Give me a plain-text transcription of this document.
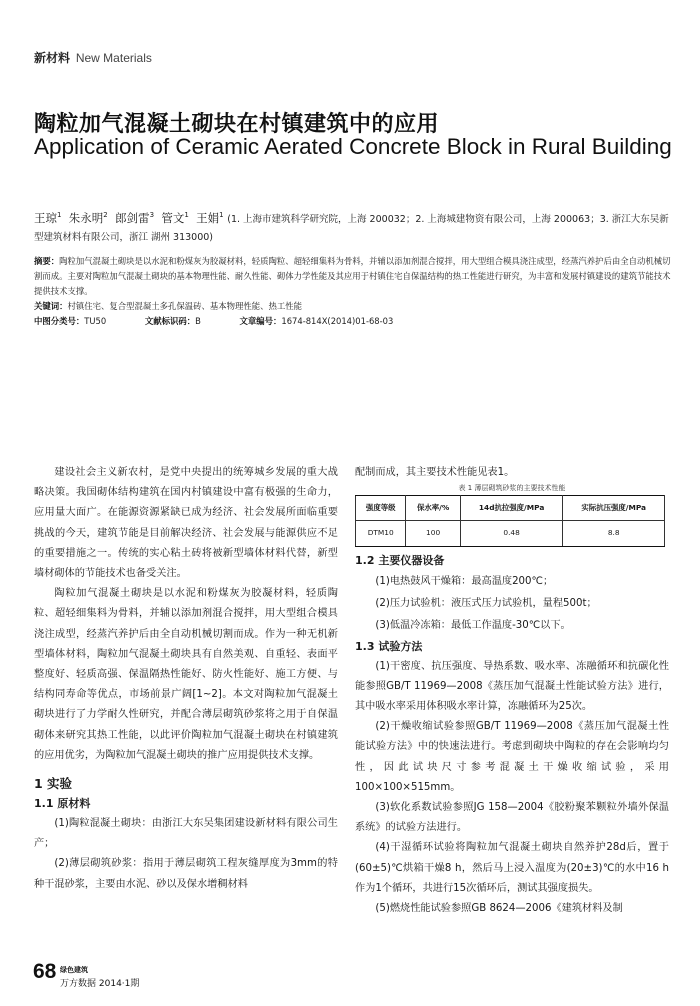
新材料 New Materials
陶粒加气混凝土砌块在村镇建筑中的应用
Application of Ceramic Aerated Concrete Block in Rural Building
王琼$^1$ 朱永明$^2$ 郎剑雷$^3$ 管文$^1$ 王娟$^1$ (1. 上海市建筑科学研究院，上海 200032；2. 上海城建物资有限公司，上海 200063；3. 浙江大东吴新型建筑材料有限公司，浙江 湖州 313000)
摘要：陶粒加气混凝土砌块是以水泥和粉煤灰为胶凝材料，轻质陶粒、超轻细集料为骨料，并辅以添加剂混合搅拌，用大型组合模具浇注成型，经蒸汽养护后由全自动机械切割而成。主要对陶粒加气混凝土砌块的基本物理性能、耐久性能、砌体力学性能及其应用于村镇住宅自保温结构的热工性能进行研究，为丰富和发展村镇建设的建筑节能技术提供技术支撑。
关键词：村镇住宅、复合型混凝土多孔保温砖、基本物理性能、热工性能
中图分类号：TU50	文献标识码：B	文章编号：1674-814X(2014)01-68-03

建设社会主义新农村，是党中央提出的统筹城乡发展的重大战略决策。我国砌体结构建筑在国内村镇建设中富有极强的生命力，应用量大面广。在能源资源紧缺已成为经济、社会发展所面临重要挑战的今天，建筑节能是目前解决经济、社会发展与能源供应不足的重要措施之一。传统的实心粘土砖将被新型墙体材料代替，新型墙材砌体的节能技术也备受关注。

陶粒加气混凝土砌块是以水泥和粉煤灰为胶凝材料，轻质陶粒、超轻细集料为骨料，并辅以添加剂混合搅拌，用大型组合模具浇注成型，经蒸汽养护后由全自动机械切割而成。作为一种无机新型墙体材料，陶粒加气混凝土砌块具有自然美观、自重轻、表面平整度好、轻质高强、保温隔热性能好、防火性能好、施工方便、与结构同寿命等优点，市场前景广阔[1~2]。本文对陶粒加气混凝土砌块进行了力学耐久性研究，并配合薄层砌筑砂浆将之用于自保温砌体来研究其热工性能，以此评价陶粒加气混凝土砌块在村镇建筑的应用优劣，为陶粒加气混凝土砌块的推广应用提供技术支撑。

1 实验

1.1 原材料

(1)陶粒混凝土砌块：由浙江大东吴集团建设新材料有限公司生产；

(2)薄层砌筑砂浆：指用于薄层砌筑工程灰缝厚度为3mm的特种干混砂浆，主要由水泥、砂以及保水增稠材料

配制而成，其主要技术性能见表1。

表 1 薄层砌筑砂浆的主要技术性能

强度等级	保水率/%	14d抗拉强度/MPa	实际抗压强度/MPa
DTM10	100	0.48	8.8

1.2 主要仪器设备

(1)电热鼓风干燥箱：最高温度200℃；

(2)压力试验机：液压式压力试验机，量程500t；

(3)低温冷冻箱：最低工作温度-30℃以下。

1.3 试验方法

(1)干密度、抗压强度、导热系数、吸水率、冻融循环和抗碳化性能参照GB/T 11969—2008《蒸压加气混凝土性能试验方法》进行，其中吸水率采用体积吸水率计算，冻融循环为25次。

(2)干燥收缩试验参照GB/T 11969—2008《蒸压加气混凝土性能试验方法》中的快速法进行。考虑到砌块中陶粒的存在会影响均匀性，因此试块尺寸参考混凝土干燥收缩试验，采用100×100×515mm。

(3)软化系数试验参照JG 158—2004《胶粉聚苯颗粒外墙外保温系统》的试验方法进行。

(4)干湿循环试验将陶粒加气混凝土砌块自然养护28d后，置于(60±5)℃烘箱干燥8 h，然后马上浸入温度为(20±3)℃的水中16 h作为1个循环，共进行15次循环后，测试其强度损失。

(5)燃烧性能试验参照GB 8624—2006《建筑材料及制

68 绿色建筑
万方数据 2014·1期
